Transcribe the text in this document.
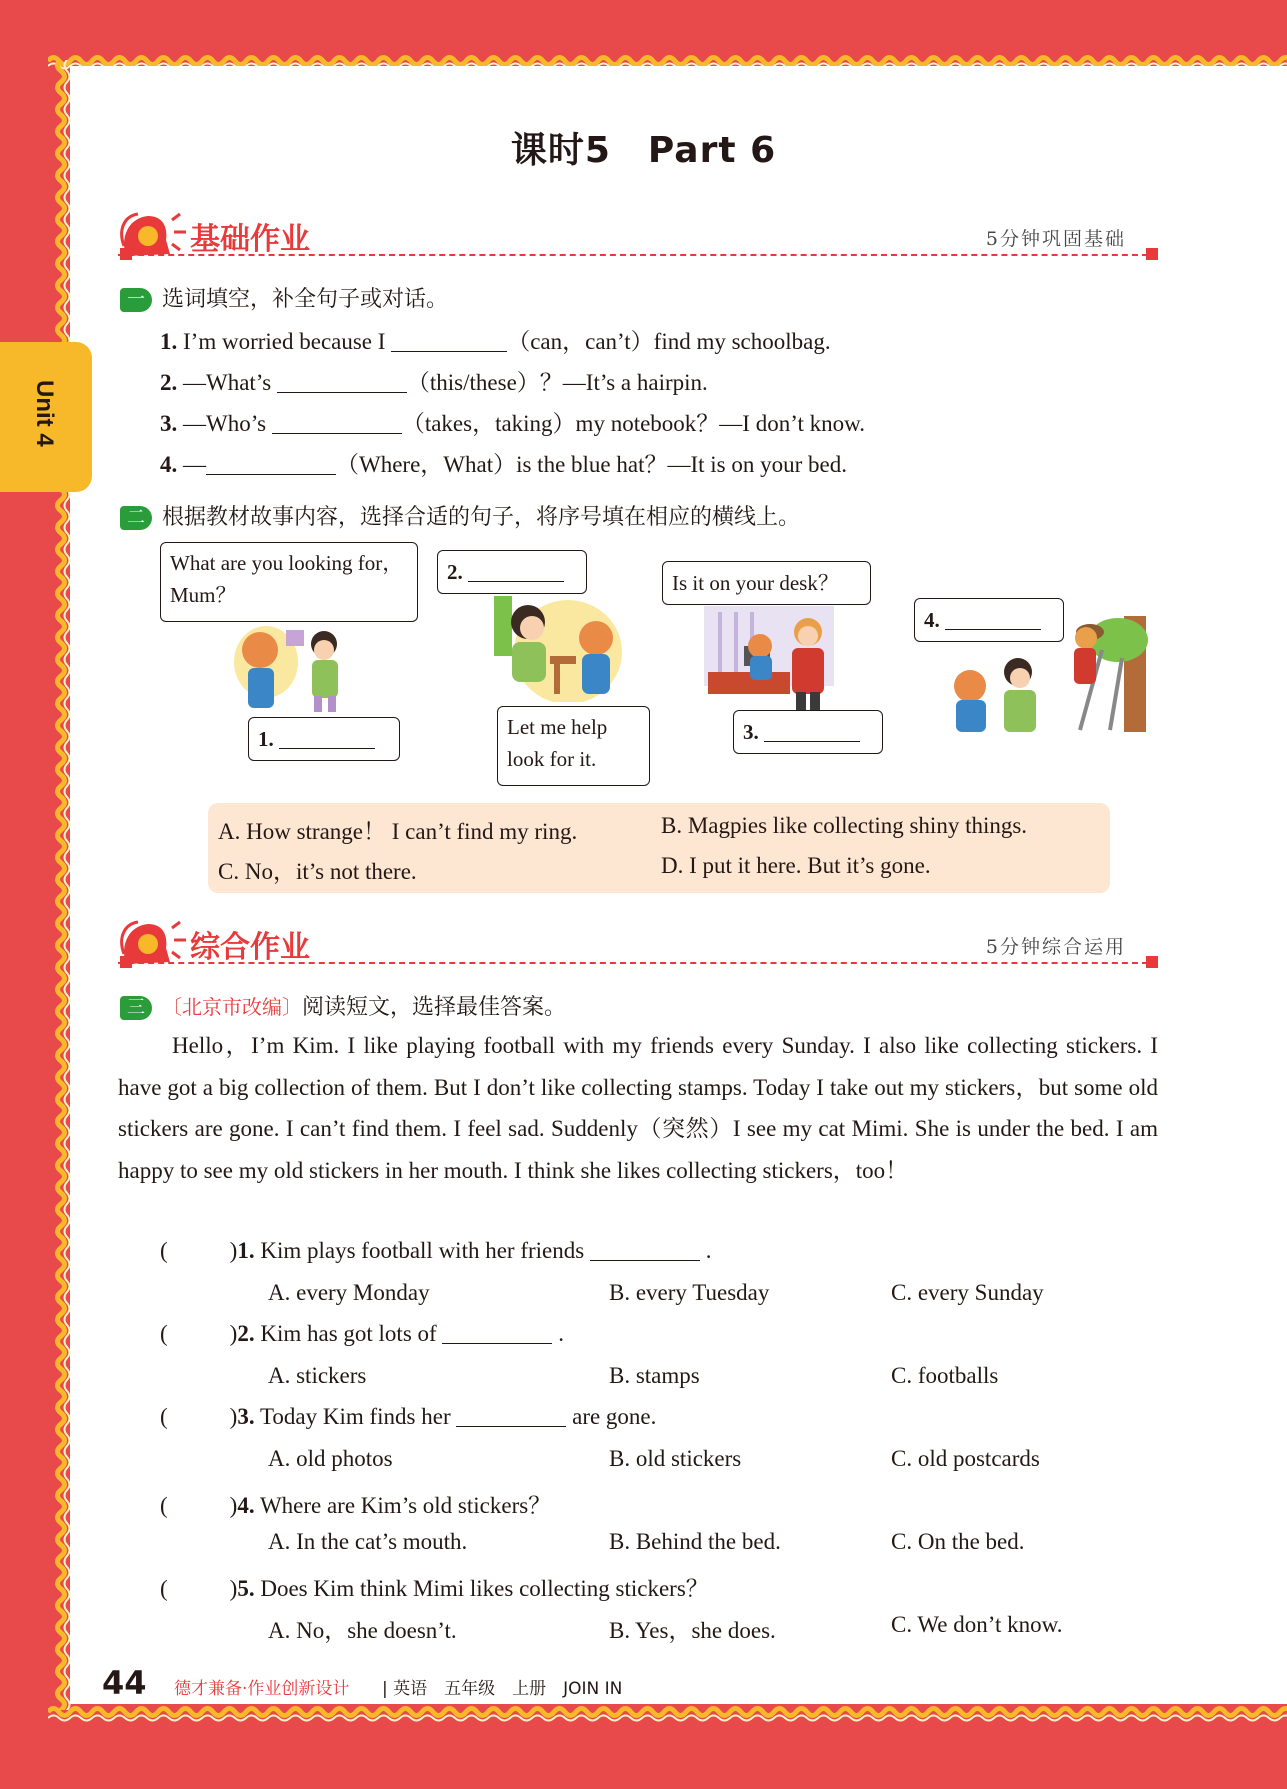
Unit 4
课时5　Part 6
基础作业	5分钟巩固基础
一 选词填空，补全句子或对话。
1. I’m worried because I	（can，can’t）find my schoolbag.
2. —What’s	（this/these）？—It’s a hairpin.
3. —Who’s	（takes，taking）my notebook？—I don’t know.
4. —	（Where，What）is the blue hat？—It is on your bed.
二 根据教材故事内容，选择合适的句子，将序号填在相应的横线上。
What are you looking for，Mum？
1.
2.
Let me help look for it.
Is it on your desk？
3.
4.
A. How strange！ I can’t find my ring.	B. Magpies like collecting shiny things.
C. No，it’s not there.	D. I put it here. But it’s gone.
综合作业	5分钟综合运用
三 〔北京市改编〕阅读短文，选择最佳答案。

Hello，I’m Kim. I like playing football with my friends every Sunday. I also like collecting stickers. I have got a big collection of them. But I don’t like collecting stamps. Today I take out my stickers，but some old stickers are gone. I can’t find them. I feel sad. Suddenly（突然）I see my cat Mimi. She is under the bed. I am happy to see my old stickers in her mouth. I think she likes collecting stickers，too！

(	)1. Kim plays football with her friends	.
A. every Monday	B. every Tuesday	C. every Sunday
(	)2. Kim has got lots of	.
A. stickers	B. stamps	C. footballs
(	)3. Today Kim finds her	are gone.
A. old photos	B. old stickers	C. old postcards
(	)4. Where are Kim’s old stickers？
A. In the cat’s mouth.	B. Behind the bed.	C. On the bed.
(	)5. Does Kim think Mimi likes collecting stickers？
A. No，she doesn’t.	B. Yes，she does.	C. We don’t know.
44 德才兼备·作业创新设计 | 英语　五年级　上册　JOIN IN
